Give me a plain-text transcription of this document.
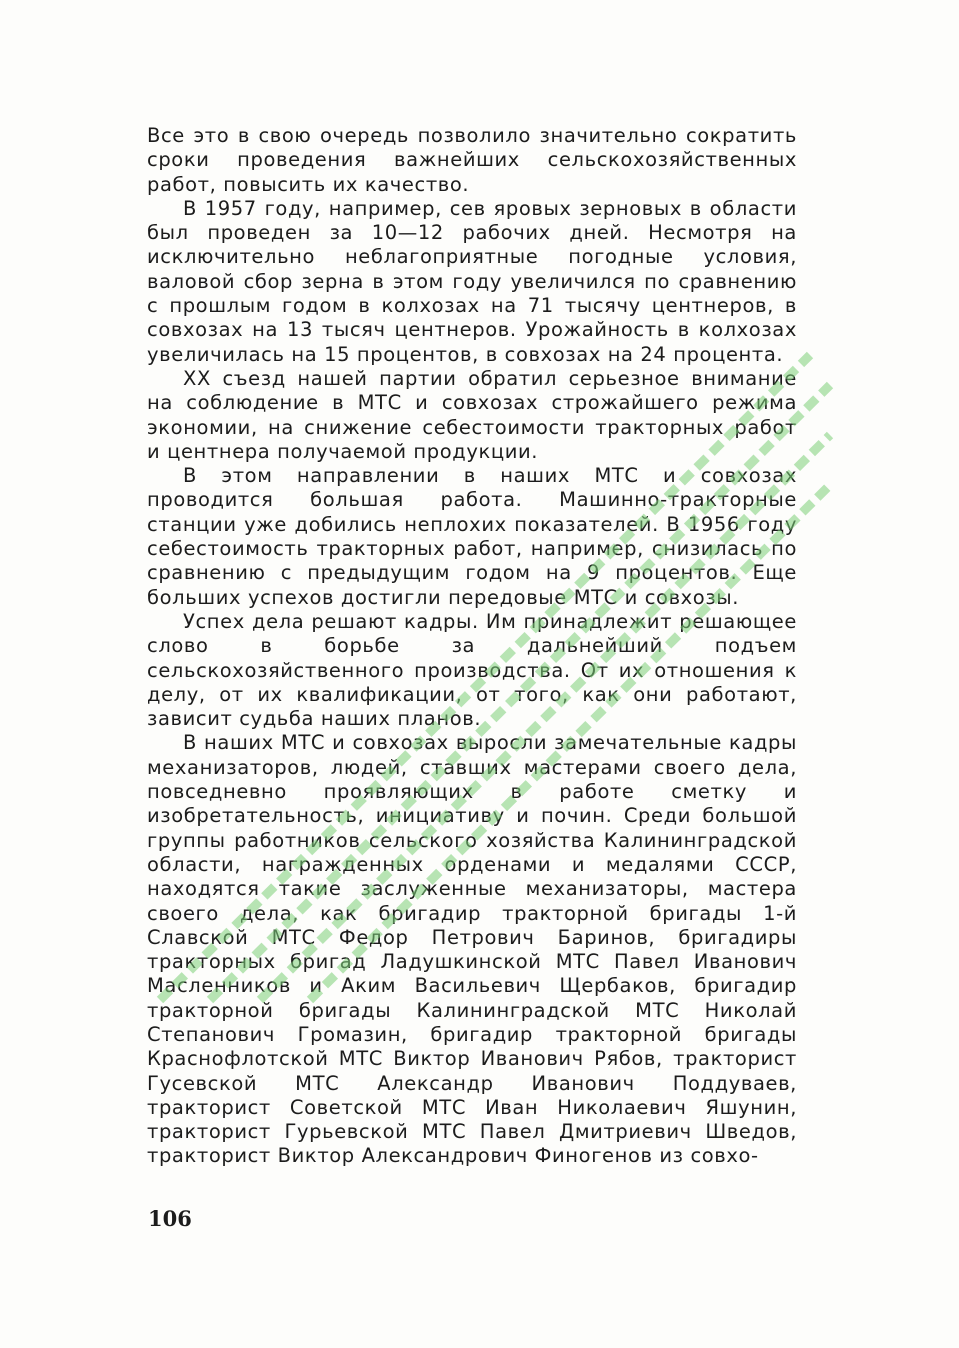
Все это в свою очередь позволило значительно сократить сроки проведения важнейших сельскохозяйственных работ, повысить их качество.

В 1957 году, например, сев яровых зерновых в области был проведен за 10—12 рабочих дней. Несмотря на исключительно неблагоприятные погодные условия, валовой сбор зерна в этом году увеличился по сравнению с прошлым годом в колхозах на 71 тысячу центнеров, в совхозах на 13 тысяч центнеров. Урожайность в колхозах увеличилась на 15 процентов, в совхозах на 24 процента.

XX съезд нашей партии обратил серьезное внимание на соблюдение в МТС и совхозах строжайшего режима экономии, на снижение себестоимости тракторных работ и центнера получаемой продукции.

В этом направлении в наших МТС и совхозах проводится большая работа. Машинно-тракторные станции уже добились неплохих показателей. В 1956 году себестоимость тракторных работ, например, снизилась по сравнению с предыдущим годом на 9 процентов. Еще больших успехов достигли передовые МТС и совхозы.

Успех дела решают кадры. Им принадлежит решающее слово в борьбе за дальнейший подъем сельскохозяйственного производства. От их отношения к делу, от их квалификации, от того, как они работают, зависит судьба наших планов.

В наших МТС и совхозах выросли замечательные кадры механизаторов, людей, ставших мастерами своего дела, повседневно проявляющих в работе сметку и изобретательность, инициативу и почин. Среди большой группы работников сельского хозяйства Калининградской области, награжденных орденами и медалями СССР, находятся такие заслуженные механизаторы, мастера своего дела, как бригадир тракторной бригады 1-й Славской МТС Федор Петрович Баринов, бригадиры тракторных бригад Ладушкинской МТС Павел Иванович Масленников и Аким Васильевич Щербаков, бригадир тракторной бригады Калининградской МТС Николай Степанович Громазин, бригадир тракторной бригады Краснофлотской МТС Виктор Иванович Рябов, тракторист Гусевской МТС Александр Иванович Поддуваев, тракторист Советской МТС Иван Николаевич Яшунин, тракторист Гурьевской МТС Павел Дмитриевич Шведов, тракторист Виктор Александрович Финогенов из совхо-

106
